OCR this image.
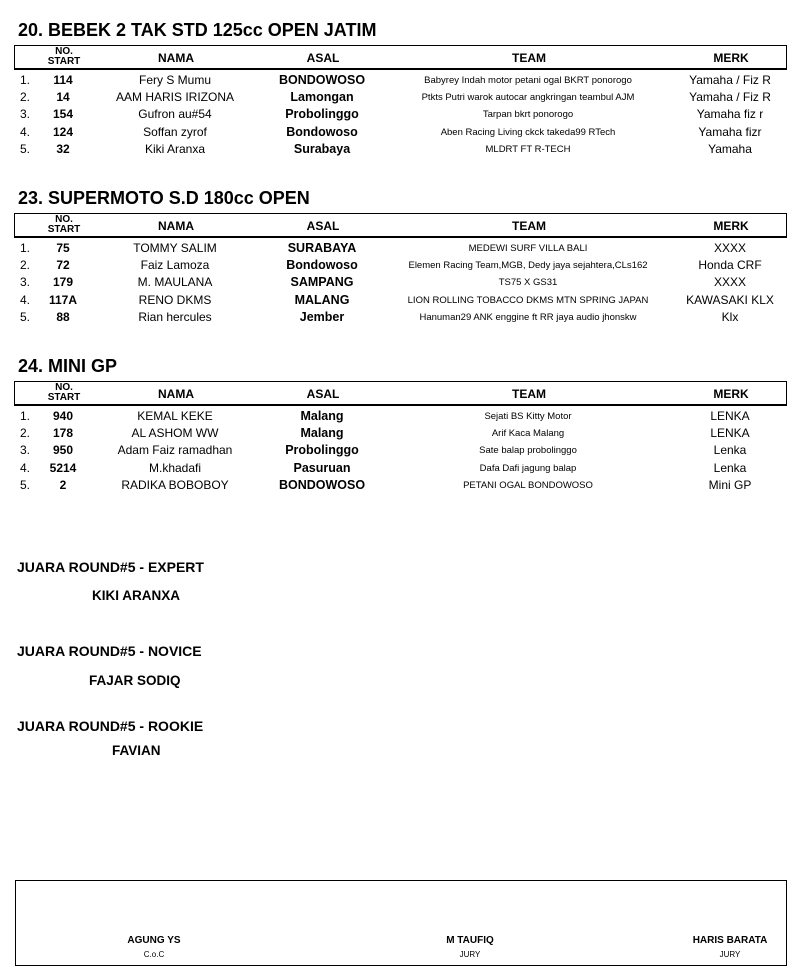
20. BEBEK 2 TAK STD 125cc OPEN JATIM
NO.
START	NAMA	ASAL	TEAM	MERK
1.	114	Fery S Mumu	BONDOWOSO	Babyrey Indah motor petani ogal BKRT ponorogo	Yamaha / Fiz R
2.	14	AAM HARIS IRIZONA	Lamongan	Ptkts Putri warok autocar angkringan teambul AJM	Yamaha / Fiz R
3.	154	Gufron au#54	Probolinggo	Tarpan bkrt ponorogo	Yamaha fiz r
4.	124	Soffan zyrof	Bondowoso	Aben Racing Living ckck takeda99 RTech	Yamaha fizr
5.	32	Kiki Aranxa	Surabaya	MLDRT FT R-TECH	Yamaha
23. SUPERMOTO S.D 180cc OPEN
NO.
START	NAMA	ASAL	TEAM	MERK
1.	75	TOMMY SALIM	SURABAYA	MEDEWI SURF VILLA BALI	XXXX
2.	72	Faiz Lamoza	Bondowoso	Elemen Racing Team,MGB, Dedy jaya sejahtera,CLs162	Honda CRF
3.	179	M. MAULANA	SAMPANG	TS75 X GS31	XXXX
4.	117A	RENO DKMS	MALANG	LION ROLLING TOBACCO DKMS MTN SPRING JAPAN	KAWASAKI KLX
5.	88	Rian hercules	Jember	Hanuman29 ANK enggine ft RR jaya audio jhonskw	Klx
24. MINI GP
NO.
START	NAMA	ASAL	TEAM	MERK
1.	940	KEMAL KEKE	Malang	Sejati BS Kitty Motor	LENKA
2.	178	AL ASHOM WW	Malang	Arif Kaca Malang	LENKA
3.	950	Adam Faiz ramadhan	Probolinggo	Sate balap probolinggo	Lenka
4.	5214	M.khadafi	Pasuruan	Dafa Dafi jagung balap	Lenka
5.	2	RADIKA BOBOBOY	BONDOWOSO	PETANI OGAL BONDOWOSO	Mini GP
JUARA ROUND#5 - EXPERT
KIKI ARANXA
JUARA ROUND#5 - NOVICE
FAJAR SODIQ
JUARA ROUND#5 - ROOKIE
FAVIAN
AGUNG YS
C.o.C
M TAUFIQ
JURY
HARIS BARATA
JURY
